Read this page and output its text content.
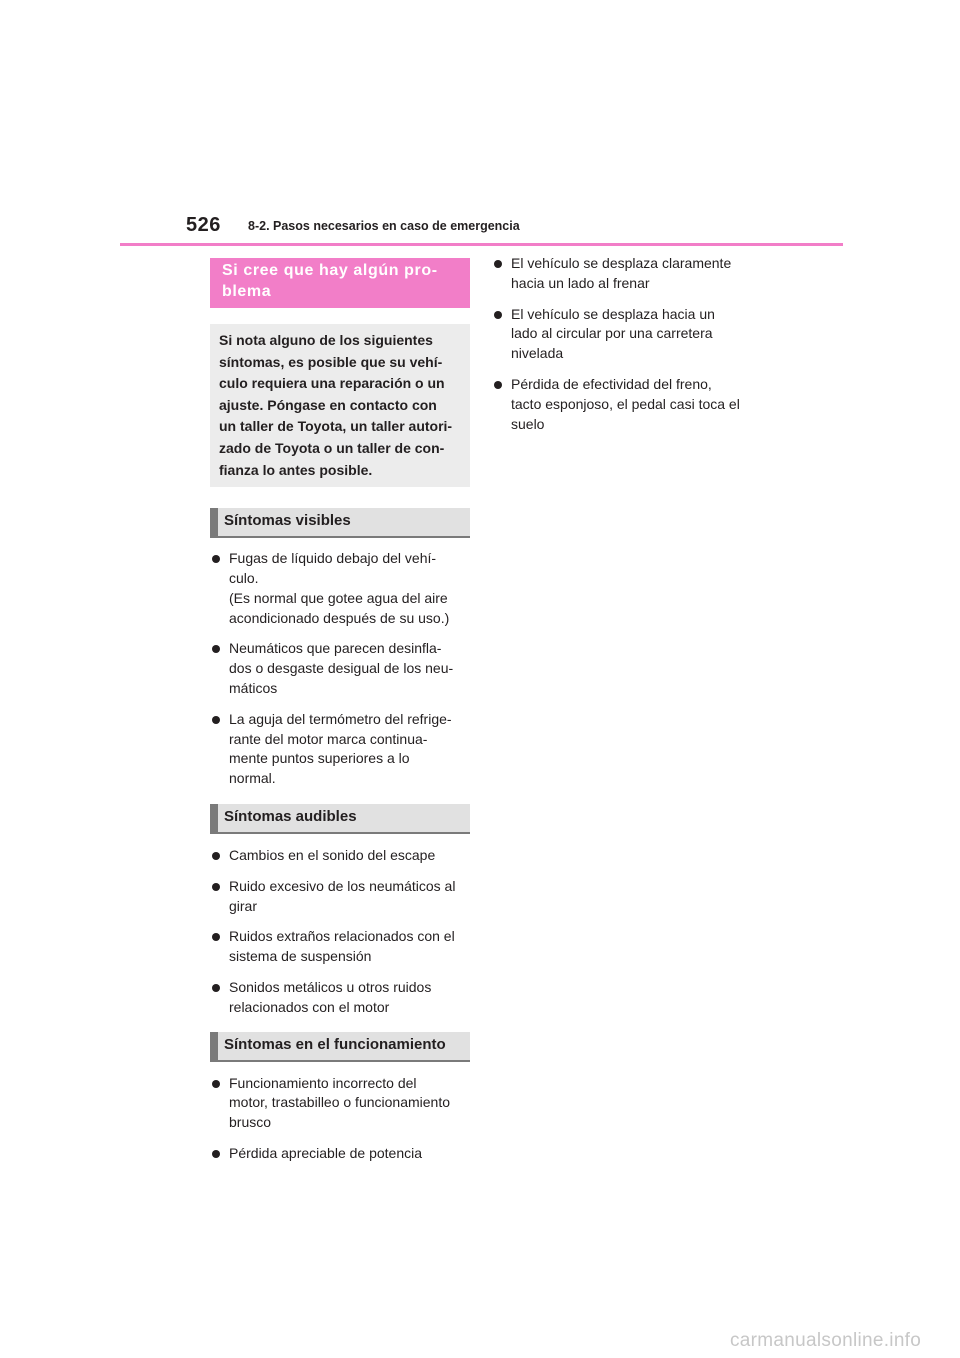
526 8-2. Pasos necesarios en caso de emergencia
Si cree que hay algún pro-
blema
Si nota alguno de los siguientes
síntomas, es posible que su vehí-
culo requiera una reparación o un
ajuste. Póngase en contacto con
un taller de Toyota, un taller autori-
zado de Toyota o un taller de con-
fianza lo antes posible.
Síntomas visibles
Fugas de líquido debajo del vehí-
culo.
(Es normal que gotee agua del aire
acondicionado después de su uso.)
Neumáticos que parecen desinfla-
dos o desgaste desigual de los neu-
máticos
La aguja del termómetro del refrige-
rante del motor marca continua-
mente puntos superiores a lo
normal.
Síntomas audibles
Cambios en el sonido del escape
Ruido excesivo de los neumáticos al
girar
Ruidos extraños relacionados con el
sistema de suspensión
Sonidos metálicos u otros ruidos
relacionados con el motor
Síntomas en el funcionamiento
Funcionamiento incorrecto del
motor, trastabilleo o funcionamiento
brusco
Pérdida apreciable de potencia
El vehículo se desplaza claramente
hacia un lado al frenar
El vehículo se desplaza hacia un
lado al circular por una carretera
nivelada
Pérdida de efectividad del freno,
tacto esponjoso, el pedal casi toca el
suelo
carmanualsonline.info
